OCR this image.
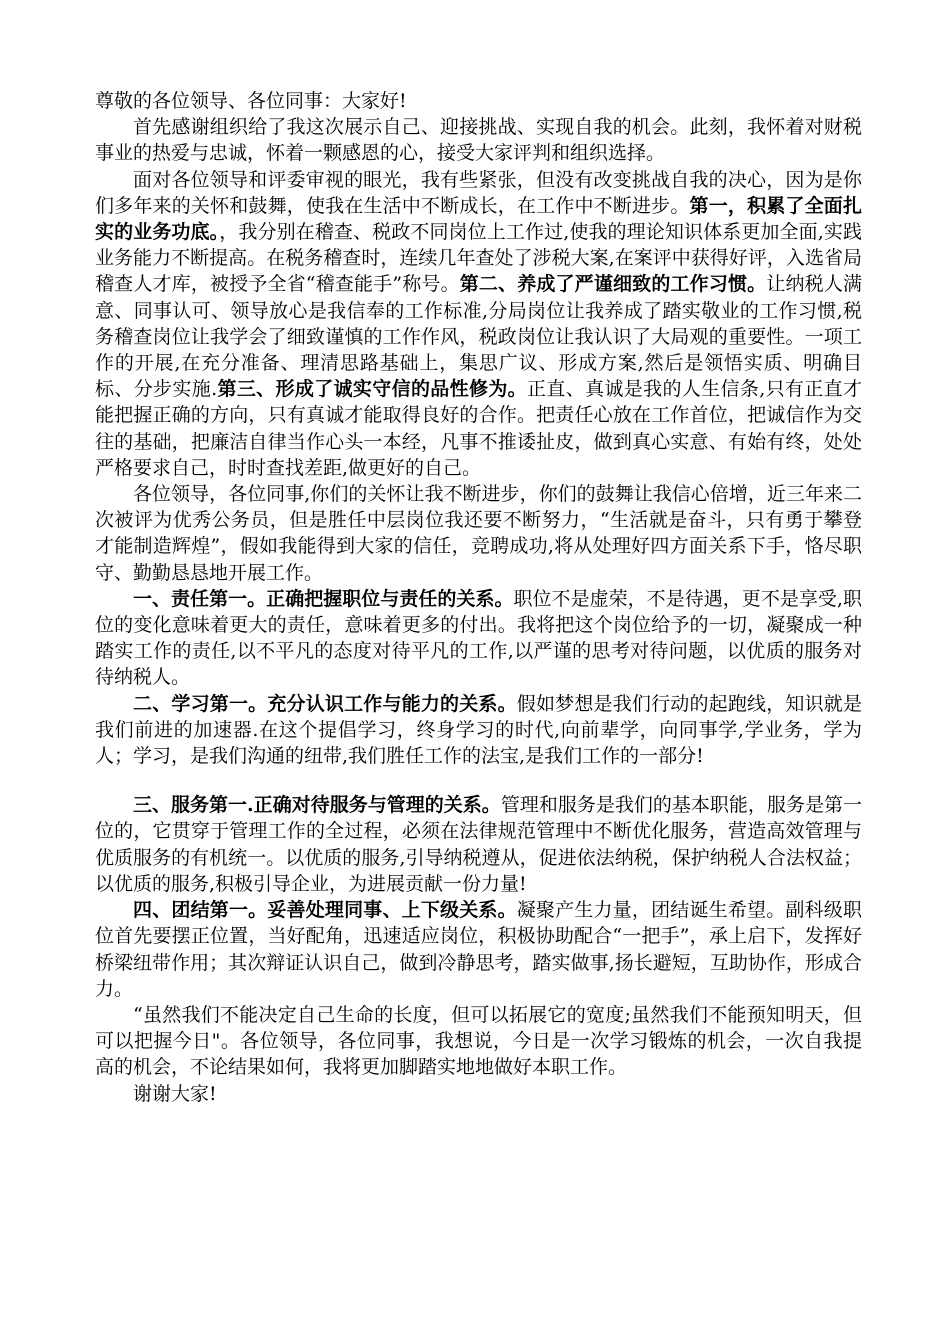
尊敬的各位领导、各位同事：大家好!

首先感谢组织给了我这次展示自己、迎接挑战、实现自我的机会。此刻，我怀着对财税事业的热爱与忠诚，怀着一颗感恩的心，接受大家评判和组织选择。

面对各位领导和评委审视的眼光，我有些紧张，但没有改变挑战自我的决心，因为是你们多年来的关怀和鼓舞，使我在生活中不断成长，在工作中不断进步。第一，积累了全面扎实的业务功底。，我分别在稽查、税政不同岗位上工作过,使我的理论知识体系更加全面,实践业务能力不断提高。在税务稽查时，连续几年查处了涉税大案,在案评中获得好评，入选省局稽查人才库，被授予全省“稽查能手”称号。第二、养成了严谨细致的工作习惯。让纳税人满意、同事认可、领导放心是我信奉的工作标准,分局岗位让我养成了踏实敬业的工作习惯,税务稽查岗位让我学会了细致谨慎的工作作风，税政岗位让我认识了大局观的重要性。一项工作的开展,在充分准备、理清思路基础上，集思广议、形成方案,然后是领悟实质、明确目标、分步实施.第三、形成了诚实守信的品性修为。正直、真诚是我的人生信条,只有正直才能把握正确的方向，只有真诚才能取得良好的合作。把责任心放在工作首位，把诚信作为交往的基础，把廉洁自律当作心头一本经，凡事不推诿扯皮，做到真心实意、有始有终，处处严格要求自己，时时查找差距,做更好的自己。

各位领导，各位同事,你们的关怀让我不断进步，你们的鼓舞让我信心倍增，近三年来二次被评为优秀公务员，但是胜任中层岗位我还要不断努力，“生活就是奋斗，只有勇于攀登才能制造辉煌”，假如我能得到大家的信任，竞聘成功,将从处理好四方面关系下手，恪尽职守、勤勤恳恳地开展工作。

一、责任第一。正确把握职位与责任的关系。职位不是虚荣，不是待遇，更不是享受,职位的变化意味着更大的责任，意味着更多的付出。我将把这个岗位给予的一切，凝聚成一种踏实工作的责任,以不平凡的态度对待平凡的工作,以严谨的思考对待问题，以优质的服务对待纳税人。

二、学习第一。充分认识工作与能力的关系。假如梦想是我们行动的起跑线，知识就是我们前进的加速器.在这个提倡学习，终身学习的时代,向前辈学，向同事学,学业务，学为人；学习，是我们沟通的纽带,我们胜任工作的法宝,是我们工作的一部分!

三、服务第一.正确对待服务与管理的关系。管理和服务是我们的基本职能，服务是第一位的，它贯穿于管理工作的全过程，必须在法律规范管理中不断优化服务，营造高效管理与优质服务的有机统一。以优质的服务,引导纳税遵从，促进依法纳税，保护纳税人合法权益；以优质的服务,积极引导企业，为进展贡献一份力量!

四、团结第一。妥善处理同事、上下级关系。凝聚产生力量，团结诞生希望。副科级职位首先要摆正位置，当好配角，迅速适应岗位，积极协助配合“一把手”，承上启下，发挥好桥梁纽带作用；其次辩证认识自己，做到冷静思考，踏实做事,扬长避短，互助协作，形成合力。

“虽然我们不能决定自己生命的长度，但可以拓展它的宽度;虽然我们不能预知明天，但可以把握今日"。各位领导，各位同事，我想说，今日是一次学习锻炼的机会，一次自我提高的机会，不论结果如何，我将更加脚踏实地地做好本职工作。

谢谢大家!
